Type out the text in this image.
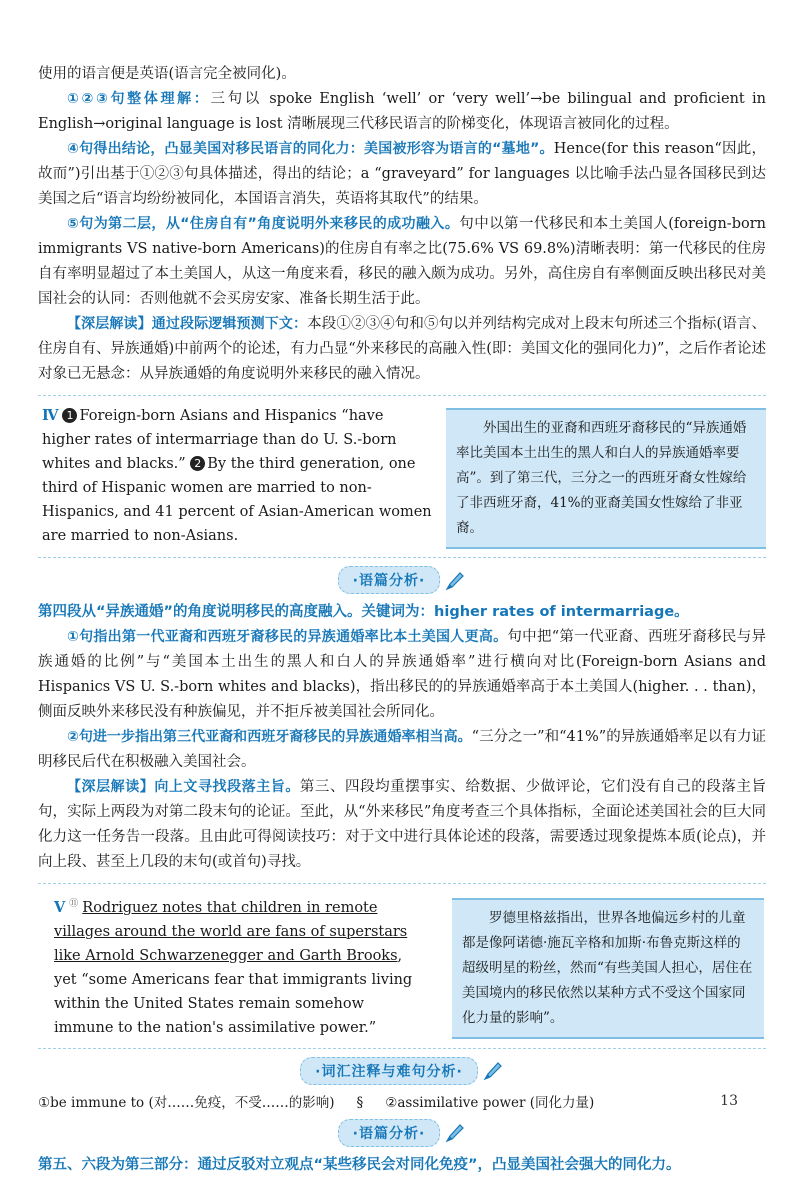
使用的语言便是英语(语言完全被同化)。

①②③句整体理解：三句以 spoke English ‘well’ or ‘very well’→be bilingual and proficient in English→original language is lost 清晰展现三代移民语言的阶梯变化，体现语言被同化的过程。

④句得出结论，凸显美国对移民语言的同化力：美国被形容为语言的“墓地”。Hence(for this reason“因此，故而”)引出基于①②③句具体描述，得出的结论；a “graveyard” for languages 以比喻手法凸显各国移民到达美国之后“语言均纷纷被同化，本国语言消失，英语将其取代”的结果。

⑤句为第二层，从“住房自有”角度说明外来移民的成功融入。句中以第一代移民和本土美国人(foreign-born immigrants VS native-born Americans)的住房自有率之比(75.6% VS 69.8%)清晰表明：第一代移民的住房自有率明显超过了本土美国人，从这一角度来看，移民的融入颇为成功。另外，高住房自有率侧面反映出移民对美国社会的认同：否则他就不会买房安家、准备长期生活于此。

【深层解读】通过段际逻辑预测下文：本段①②③④句和⑤句以并列结构完成对上段末句所述三个指标(语言、住房自有、异族通婚)中前两个的论述，有力凸显“外来移民的高融入性(即：美国文化的强同化力)”，之后作者论述对象已无悬念：从异族通婚的角度说明外来移民的融入情况。

Ⅳ 1 Foreign-born Asians and Hispanics “have higher rates of intermarriage than do U. S.-born whites and blacks.” 2 By the third generation, one third of Hispanic women are married to non-Hispanics, and 41 percent of Asian-American women are married to non-Asians.
外国出生的亚裔和西班牙裔移民的“异族通婚率比美国本土出生的黑人和白人的异族通婚率要高”。到了第三代，三分之一的西班牙裔女性嫁给了非西班牙裔，41%的亚裔美国女性嫁给了非亚裔。
·语篇分析·

第四段从“异族通婚”的角度说明移民的高度融入。关键词为：higher rates of intermarriage。

①句指出第一代亚裔和西班牙裔移民的异族通婚率比本土美国人更高。句中把“第一代亚裔、西班牙裔移民与异族通婚的比例”与“美国本土出生的黑人和白人的异族通婚率”进行横向对比(Foreign-born Asians and Hispanics VS U. S.-born whites and blacks)，指出移民的的异族通婚率高于本土美国人(higher. . . than)，侧面反映外来移民没有种族偏见，并不拒斥被美国社会所同化。

②句进一步指出第三代亚裔和西班牙裔移民的异族通婚率相当高。“三分之一”和“41%”的异族通婚率足以有力证明移民后代在积极融入美国社会。

【深层解读】向上文寻找段落主旨。第三、四段均重摆事实、给数据、少做评论，它们没有自己的段落主旨句，实际上两段为对第二段末句的论证。至此，从“外来移民”角度考查三个具体指标，全面论述美国社会的巨大同化力这一任务告一段落。且由此可得阅读技巧：对于文中进行具体论述的段落，需要透过现象提炼本质(论点)，并向上段、甚至上几段的末句(或首句)寻找。

Ⅴ ⑪ Rodriguez notes that children in remote villages around the world are fans of superstars like Arnold Schwarzenegger and Garth Brooks, yet “some Americans fear that immigrants living within the United States remain somehow immune to the nation's assimilative power.”
罗德里格兹指出，世界各地偏远乡村的儿童都是像阿诺德·施瓦辛格和加斯·布鲁克斯这样的超级明星的粉丝，然而“有些美国人担心，居住在美国境内的移民依然以某种方式不受这个国家同化力量的影响”。
·词汇注释与难句分析·

①be immune to (对……免疫，不受……的影响) § ②assimilative power (同化力量)

·语篇分析·

第五、六段为第三部分：通过反驳对立观点“某些移民会对同化免疫”，凸显美国社会强大的同化力。

13
